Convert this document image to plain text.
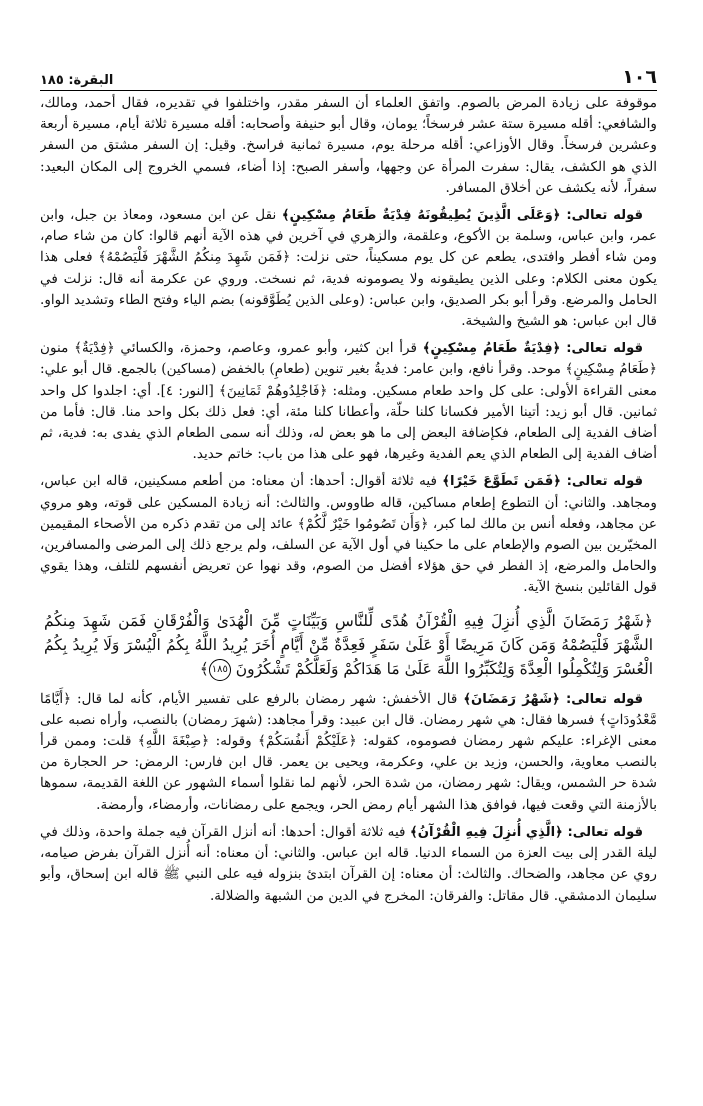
١٠٦
البقرة: ١٨٥

موقوفة على زيادة المرض بالصوم. واتفق العلماء أن السفر مقدر، واختلفوا في تقديره، فقال أحمد، ومالك، والشافعي: أقله مسيرة ستة عشر فرسخاً؛ يومان، وقال أبو حنيفة وأصحابه: أقله مسيرة ثلاثة أيام، مسيرة أربعة وعشرين فرسخاً. وقال الأوزاعي: أقله مرحلة يوم، مسيرة ثمانية فراسخ. وقيل: إن السفر مشتق من السفر الذي هو الكشف، يقال: سفرت المرأة عن وجهها، وأسفر الصبح: إذا أضاء، فسمي الخروج إلى المكان البعيد: سفراً، لأنه يكشف عن أخلاق المسافر.

قوله تعالى: ﴿وَعَلَى الَّذِينَ يُطِيقُونَهُ فِدْيَةٌ طَعَامُ مِسْكِينٍ﴾ نقل عن ابن مسعود، ومعاذ بن جبل، وابن عمر، وابن عباس، وسلمة بن الأكوع، وعلقمة، والزهري في آخرين في هذه الآية أنهم قالوا: كان من شاء صام، ومن شاء أفطر وافتدى، يطعم عن كل يوم مسكيناً، حتى نزلت: ﴿فَمَن شَهِدَ مِنكُمُ الشَّهْرَ فَلْيَصُمْهُ﴾ فعلى هذا يكون معنى الكلام: وعلى الذين يطيقونه ولا يصومونه فدية، ثم نسخت. وروي عن عكرمة أنه قال: نزلت في الحامل والمرضع. وقرأ أبو بكر الصديق، وابن عباس: (وعلى الذين يُطَوَّقونه) بضم الياء وفتح الطاء وتشديد الواو. قال ابن عباس: هو الشيخ والشيخة.

قوله تعالى: ﴿فِدْيَةٌ طَعَامُ مِسْكِينٍ﴾ قرأ ابن كثير، وأبو عمرو، وعاصم، وحمزة، والكسائي ﴿فِدْيَةٌ﴾ منون ﴿طَعَامُ مِسْكِينٍ﴾ موحد. وقرأ نافع، وابن عامر: فديةُ بغير تنوين (طعامِ) بالخفض (مساكين) بالجمع. قال أبو علي: معنى القراءة الأولى: على كل واحد طعام مسكين. ومثله: ﴿فَاجْلِدُوهُمْ ثَمَانِينَ﴾ [النور: ٤]. أي: اجلدوا كل واحد ثمانين. قال أبو زيد: أتينا الأمير فكسانا كلنا حلّة، وأعطانا كلنا مئة، أي: فعل ذلك بكل واحد منا. قال: فأما من أضاف الفدية إلى الطعام، فكإضافة البعض إلى ما هو بعض له، وذلك أنه سمى الطعام الذي يفدى به: فدية، ثم أضاف الفدية إلى الطعام الذي يعم الفدية وغيرها، فهو على هذا من باب: خاتم حديد.

قوله تعالى: ﴿فَمَن تَطَوَّعَ خَيْرًا﴾ فيه ثلاثة أقوال: أحدها: أن معناه: من أطعم مسكينين، قاله ابن عباس، ومجاهد. والثاني: أن التطوع إطعام مساكين، قاله طاووس. والثالث: أنه زيادة المسكين على قوته، وهو مروي عن مجاهد، وفعله أنس بن مالك لما كبر، ﴿وَأَن تَصُومُوا خَيْرٌ لَّكُمْ﴾ عائد إلى من تقدم ذكره من الأصحاء المقيمين المخيّرين بين الصوم والإطعام على ما حكينا في أول الآية عن السلف، ولم يرجع ذلك إلى المرضى والمسافرين، والحامل والمرضع، إذ الفطر في حق هؤلاء أفضل من الصوم، وقد نهوا عن تعريض أنفسهم للتلف، وهذا يقوي قول القائلين بنسخ الآية.

﴿شَهْرُ رَمَضَانَ الَّذِي أُنزِلَ فِيهِ الْقُرْآنُ هُدًى لِّلنَّاسِ وَبَيِّنَاتٍ مِّنَ الْهُدَىٰ وَالْفُرْقَانِ فَمَن شَهِدَ مِنكُمُ الشَّهْرَ فَلْيَصُمْهُ وَمَن كَانَ مَرِيضًا أَوْ عَلَىٰ سَفَرٍ فَعِدَّةٌ مِّنْ أَيَّامٍ أُخَرَ يُرِيدُ اللَّهُ بِكُمُ الْيُسْرَ وَلَا يُرِيدُ بِكُمُ الْعُسْرَ وَلِتُكْمِلُوا الْعِدَّةَ وَلِتُكَبِّرُوا اللَّهَ عَلَىٰ مَا هَدَاكُمْ وَلَعَلَّكُمْ تَشْكُرُونَ ١٨٥﴾

قوله تعالى: ﴿شَهْرُ رَمَضَانَ﴾ قال الأخفش: شهر رمضان بالرفع على تفسير الأيام، كأنه لما قال: ﴿أَيَّامًا مَّعْدُودَاتٍ﴾ فسرها فقال: هي شهر رمضان. قال ابن عبيد: وقرأ مجاهد: (شهرَ رمضان) بالنصب، وأراه نصبه على معنى الإغراء: عليكم شهر رمضان فصوموه، كقوله: ﴿عَلَيْكُمْ أَنفُسَكُمْ﴾ وقوله: ﴿صِبْغَةَ اللَّهِ﴾ قلت: وممن قرأ بالنصب معاوية، والحسن، وزيد بن علي، وعكرمة، ويحيى بن يعمر. قال ابن فارس: الرمض: حر الحجارة من شدة حر الشمس، ويقال: شهر رمضان، من شدة الحر، لأنهم لما نقلوا أسماء الشهور عن اللغة القديمة، سموها بالأزمنة التي وقعت فيها، فوافق هذا الشهر أيام رمض الحر، ويجمع على رمضانات، وأرمضاء، وأرمضة.

قوله تعالى: ﴿الَّذِي أُنزِلَ فِيهِ الْقُرْآنُ﴾ فيه ثلاثة أقوال: أحدها: أنه أنزل القرآن فيه جملة واحدة، وذلك في ليلة القدر إلى بيت العزة من السماء الدنيا. قاله ابن عباس. والثاني: أن معناه: أنه أُنزل القرآن بفرض صيامه، روي عن مجاهد، والضحاك. والثالث: أن معناه: إن القرآن ابتدئ بنزوله فيه على النبي ﷺ قاله ابن إسحاق، وأبو سليمان الدمشقي. قال مقاتل: والفرقان: المخرج في الدين من الشبهة والضلالة.
